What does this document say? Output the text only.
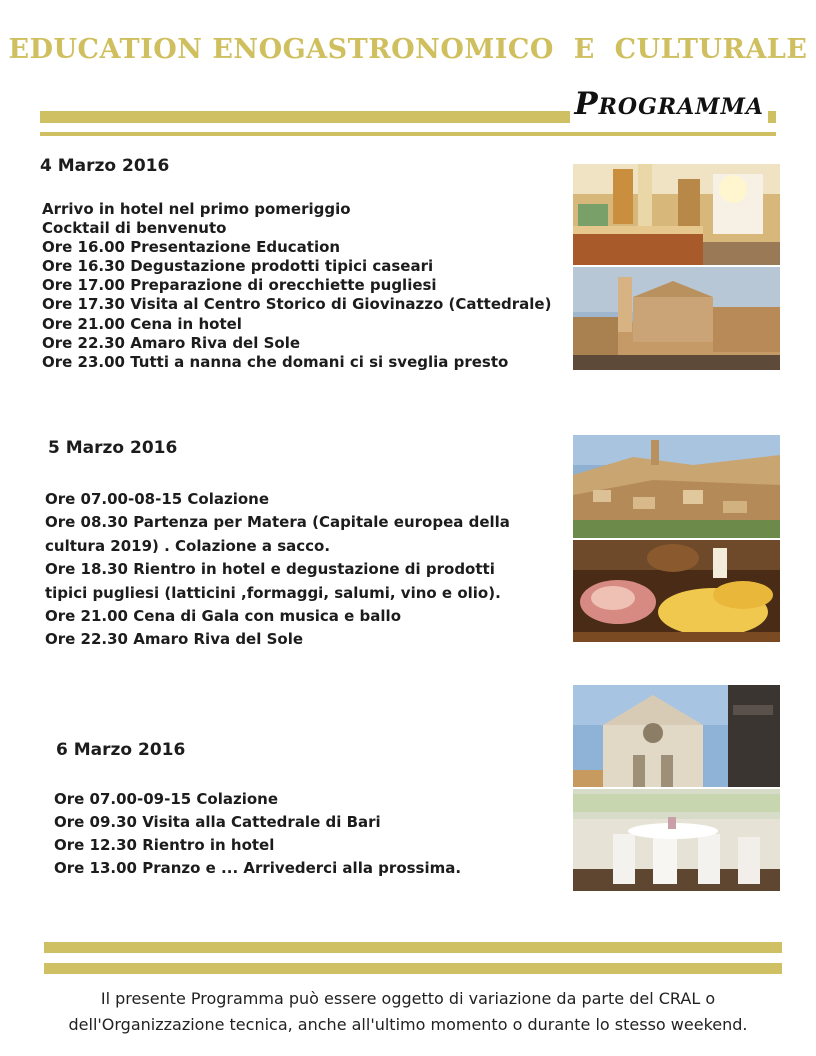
EDUCATION ENOGASTRONOMICO  E  CULTURALE
Programma
4 Marzo 2016
Arrivo in hotel nel primo pomeriggio
Cocktail di benvenuto
Ore 16.00 Presentazione Education
Ore 16.30 Degustazione prodotti tipici caseari
Ore 17.00 Preparazione di orecchiette pugliesi
Ore 17.30 Visita al Centro Storico di Giovinazzo (Cattedrale)
Ore 21.00 Cena in hotel
Ore 22.30 Amaro Riva del Sole
Ore 23.00 Tutti a nanna che domani ci si sveglia presto
5 Marzo 2016
Ore 07.00-08-15 Colazione
Ore 08.30 Partenza per Matera (Capitale europea della cultura 2019) . Colazione a sacco.
Ore 18.30 Rientro in hotel e degustazione di prodotti tipici pugliesi (latticini ,formaggi, salumi, vino e olio).
Ore 21.00 Cena di Gala con musica e ballo
Ore 22.30 Amaro Riva del Sole
6 Marzo 2016
Ore 07.00-09-15 Colazione
Ore 09.30 Visita alla Cattedrale di Bari
Ore 12.30 Rientro in hotel
Ore 13.00 Pranzo e ... Arrivederci alla prossima.
Il presente Programma può essere oggetto di variazione da parte del CRAL o
dell'Organizzazione tecnica, anche all'ultimo momento o durante lo stesso weekend.
